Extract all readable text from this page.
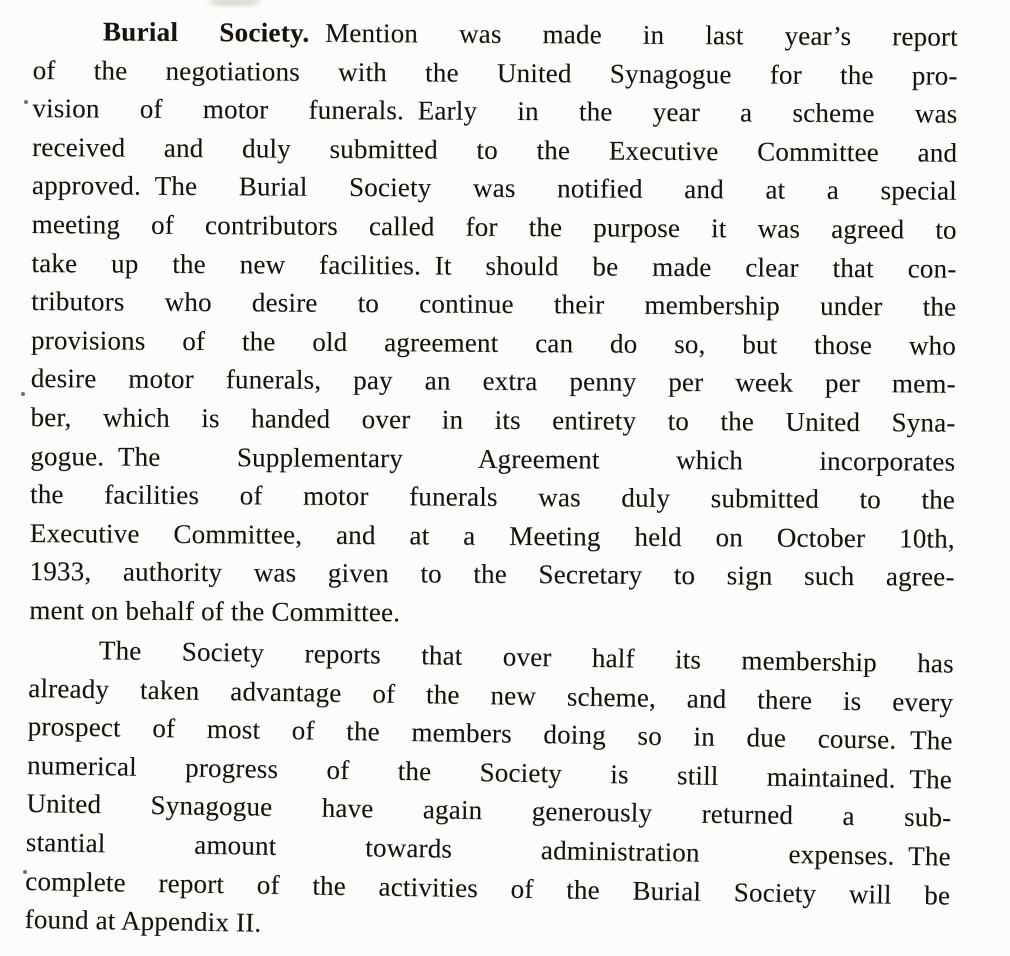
Burial Society. Mention was made in last year’s report
of the negotiations with the United Synagogue for the pro-
vision of motor funerals. Early in the year a scheme was
received and duly submitted to the Executive Committee and
approved. The Burial Society was notified and at a special
meeting of contributors called for the purpose it was agreed to
take up the new facilities. It should be made clear that con-
tributors who desire to continue their membership under the
provisions of the old agreement can do so, but those who
desire motor funerals, pay an extra penny per week per mem-
ber, which is handed over in its entirety to the United Syna-
gogue. The Supplementary Agreement which incorporates
the facilities of motor funerals was duly submitted to the
Executive Committee, and at a Meeting held on October 10th,
1933, authority was given to the Secretary to sign such agree-
ment on behalf of the Committee.
The Society reports that over half its membership has
already taken advantage of the new scheme, and there is every
prospect of most of the members doing so in due course. The
numerical progress of the Society is still maintained. The
United Synagogue have again generously returned a sub-
stantial amount towards administration expenses. The
complete report of the activities of the Burial Society will be
found at Appendix II.
